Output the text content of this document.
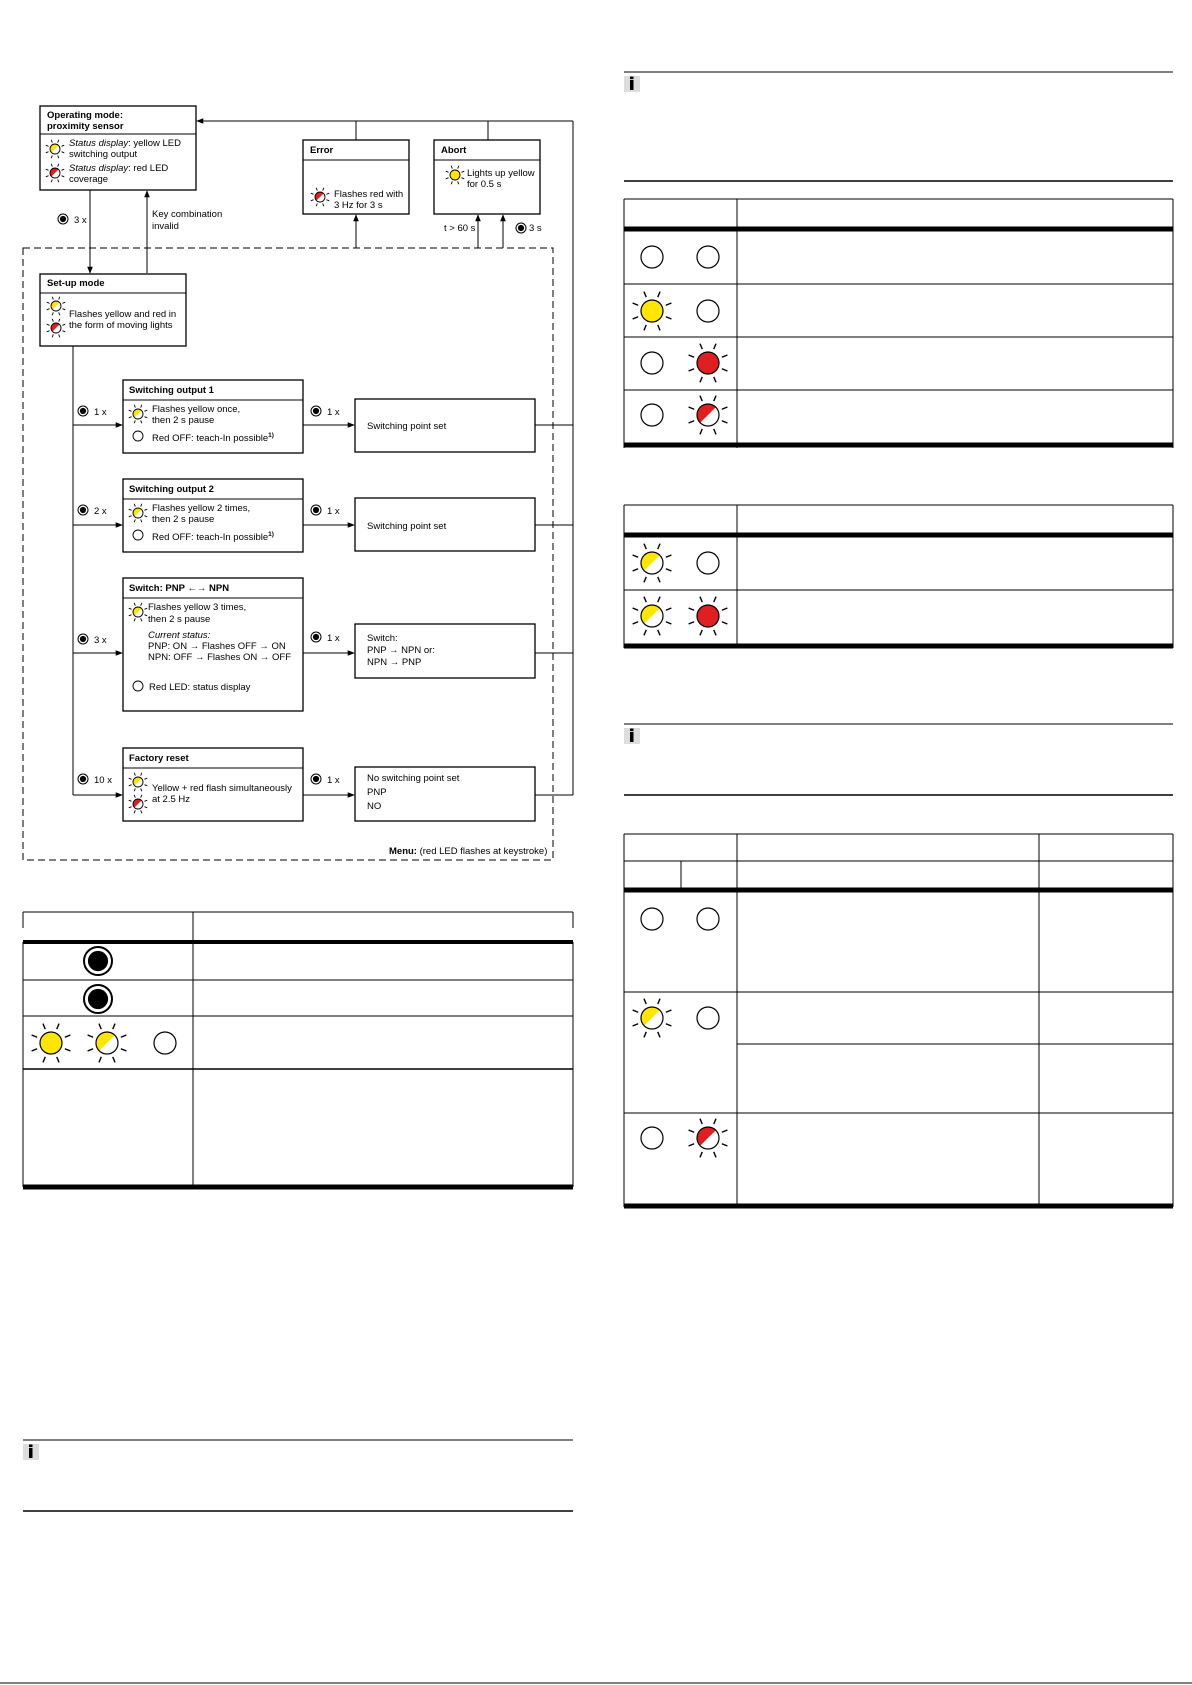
Operating mode:
proximity sensor
Status display: yellow LED
switching output
Status display: red LED
coverage
Error
Flashes red with
3 Hz for 3 s
Abort
Lights up yellow
for 0.5 s
Set-up mode
Flashes yellow and red in
the form of moving lights
3 x
Key combination
invalid	t > 60 s	3 s
1 x
Switching output 1
Flashes yellow once,
then 2 s pause
Red OFF: teach-In possible$^{1)}$
1 x
Switching point set
2 x
Switching output 2
Flashes yellow 2 times,
then 2 s pause
Red OFF: teach-In possible$^{1)}$
1 x
Switching point set
3 x
Switch: PNP ←→ NPN
Flashes yellow 3 times,
then 2 s pause
Current status:
PNP: ON → Flashes OFF → ON
NPN: OFF → Flashes ON → OFF
Red LED: status display
1 x	Switch:
PNP → NPN or:
NPN → PNP
10 x
Factory reset
Yellow + red flash simultaneously
at 2.5 Hz
1 x	No switching point set
PNP
NO
Menu: (red LED flashes at keystroke)
